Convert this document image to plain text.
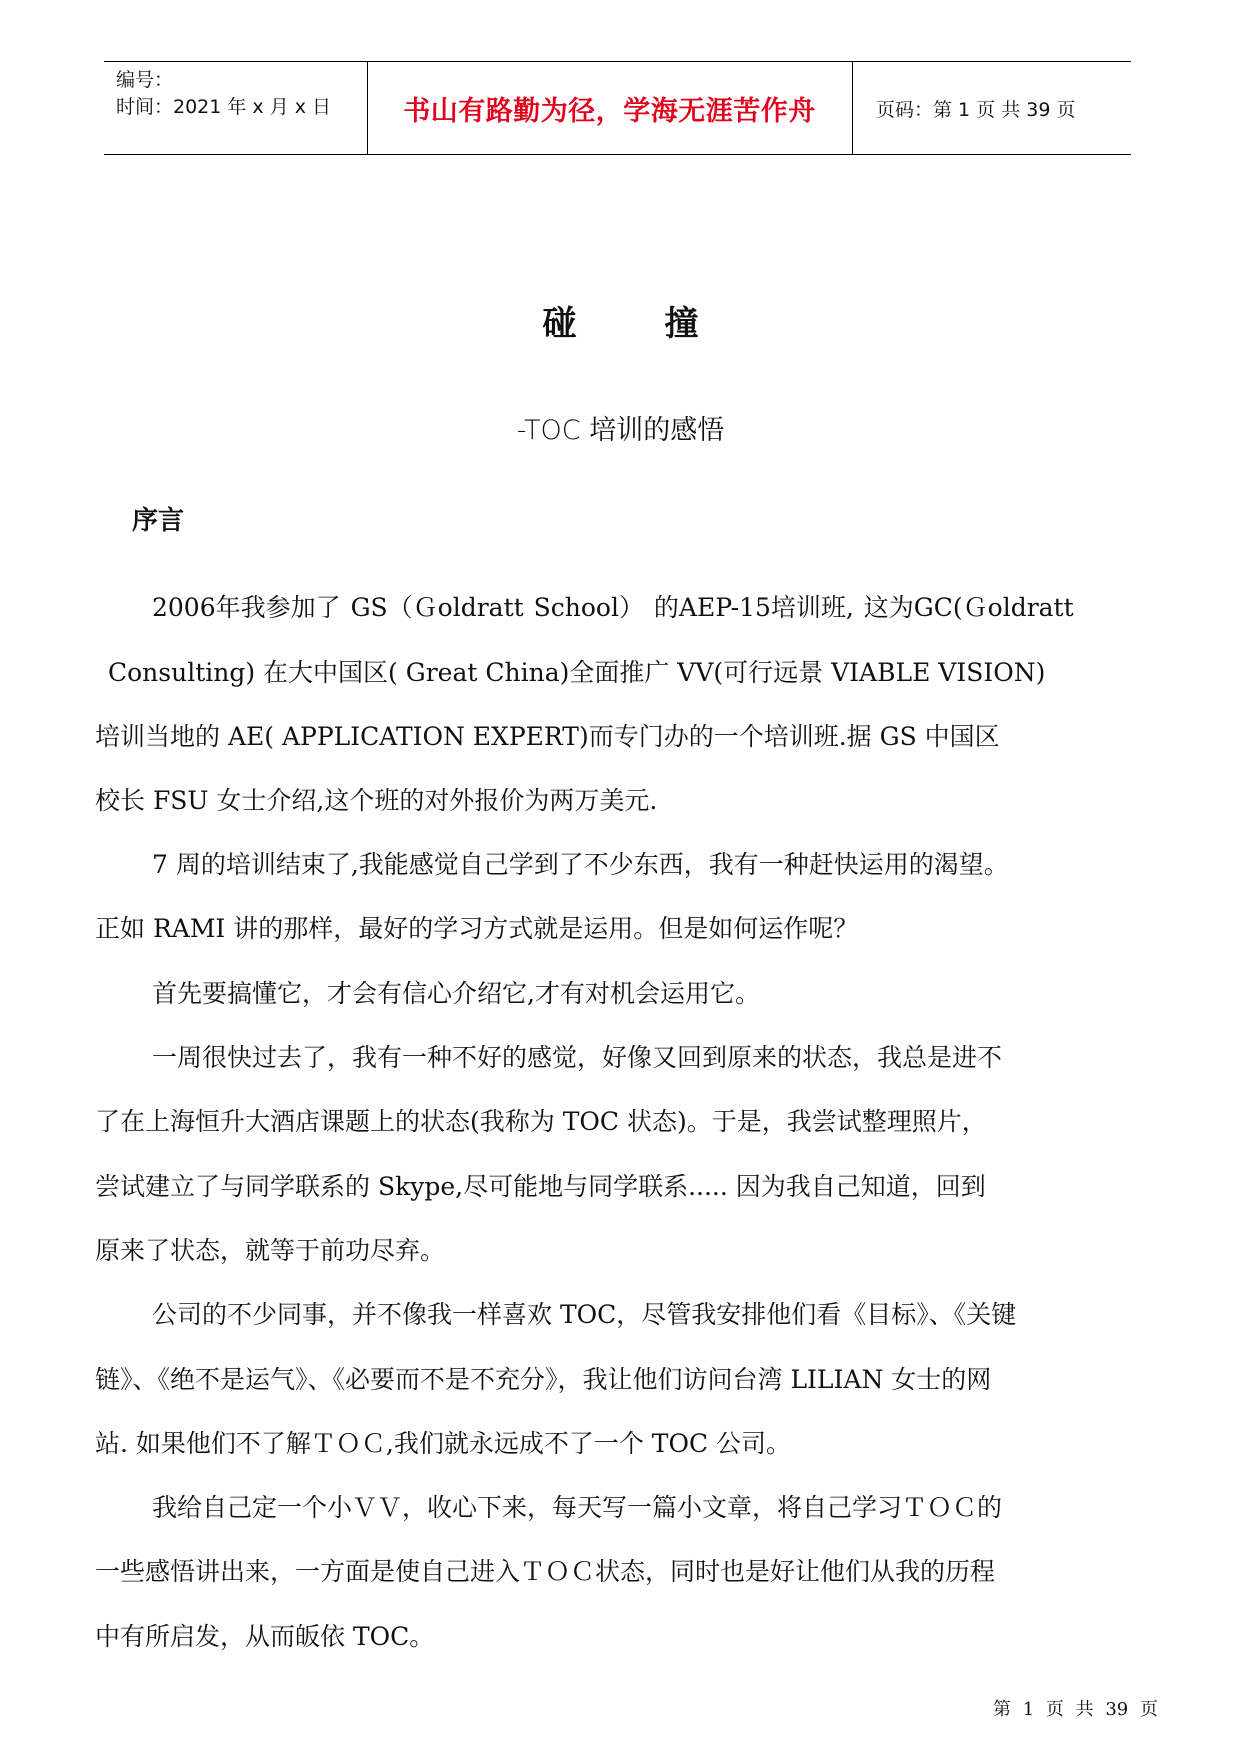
编号：
时间：2021 年 x 月 x 日	书山有路勤为径，学海无涯苦作舟	页码：第 1 页 共 39 页
碰撞
-TOC 培训的感悟
序言
2006年我参加了 GS（Ｇoldratt School） 的AEP-15培训班, 这为GC(Ｇoldratt
Consulting) 在大中国区( Great China)全面推广 VV(可行远景 VIABLE VISION)
培训当地的 AE( APPLICATION EXPERT)而专门办的一个培训班.据 GS 中国区
校长 FSU 女士介绍,这个班的对外报价为两万美元.
7 周的培训结束了,我能感觉自己学到了不少东西，我有一种赶快运用的渴望。
正如 RAMI 讲的那样，最好的学习方式就是运用。但是如何运作呢？
首先要搞懂它，才会有信心介绍它,才有对机会运用它。
一周很快过去了，我有一种不好的感觉，好像又回到原来的状态，我总是进不
了在上海恒升大酒店课题上的状态(我称为 TOC 状态)。于是，我尝试整理照片，
尝试建立了与同学联系的 Skype,尽可能地与同学联系..... 因为我自己知道，回到
原来了状态，就等于前功尽弃。
公司的不少同事，并不像我一样喜欢 TOC，尽管我安排他们看《目标》、《关键
链》、《绝不是运气》、《必要而不是不充分》，我让他们访问台湾 LILIAN 女士的网
站. 如果他们不了解ＴＯＣ,我们就永远成不了一个 TOC 公司。
我给自己定一个小ＶＶ，收心下来，每天写一篇小文章，将自己学习ＴＯＣ的
一些感悟讲出来，一方面是使自己进入ＴＯＣ状态，同时也是好让他们从我的历程
中有所启发，从而皈依 TOC。
第 1 页 共 39 页
